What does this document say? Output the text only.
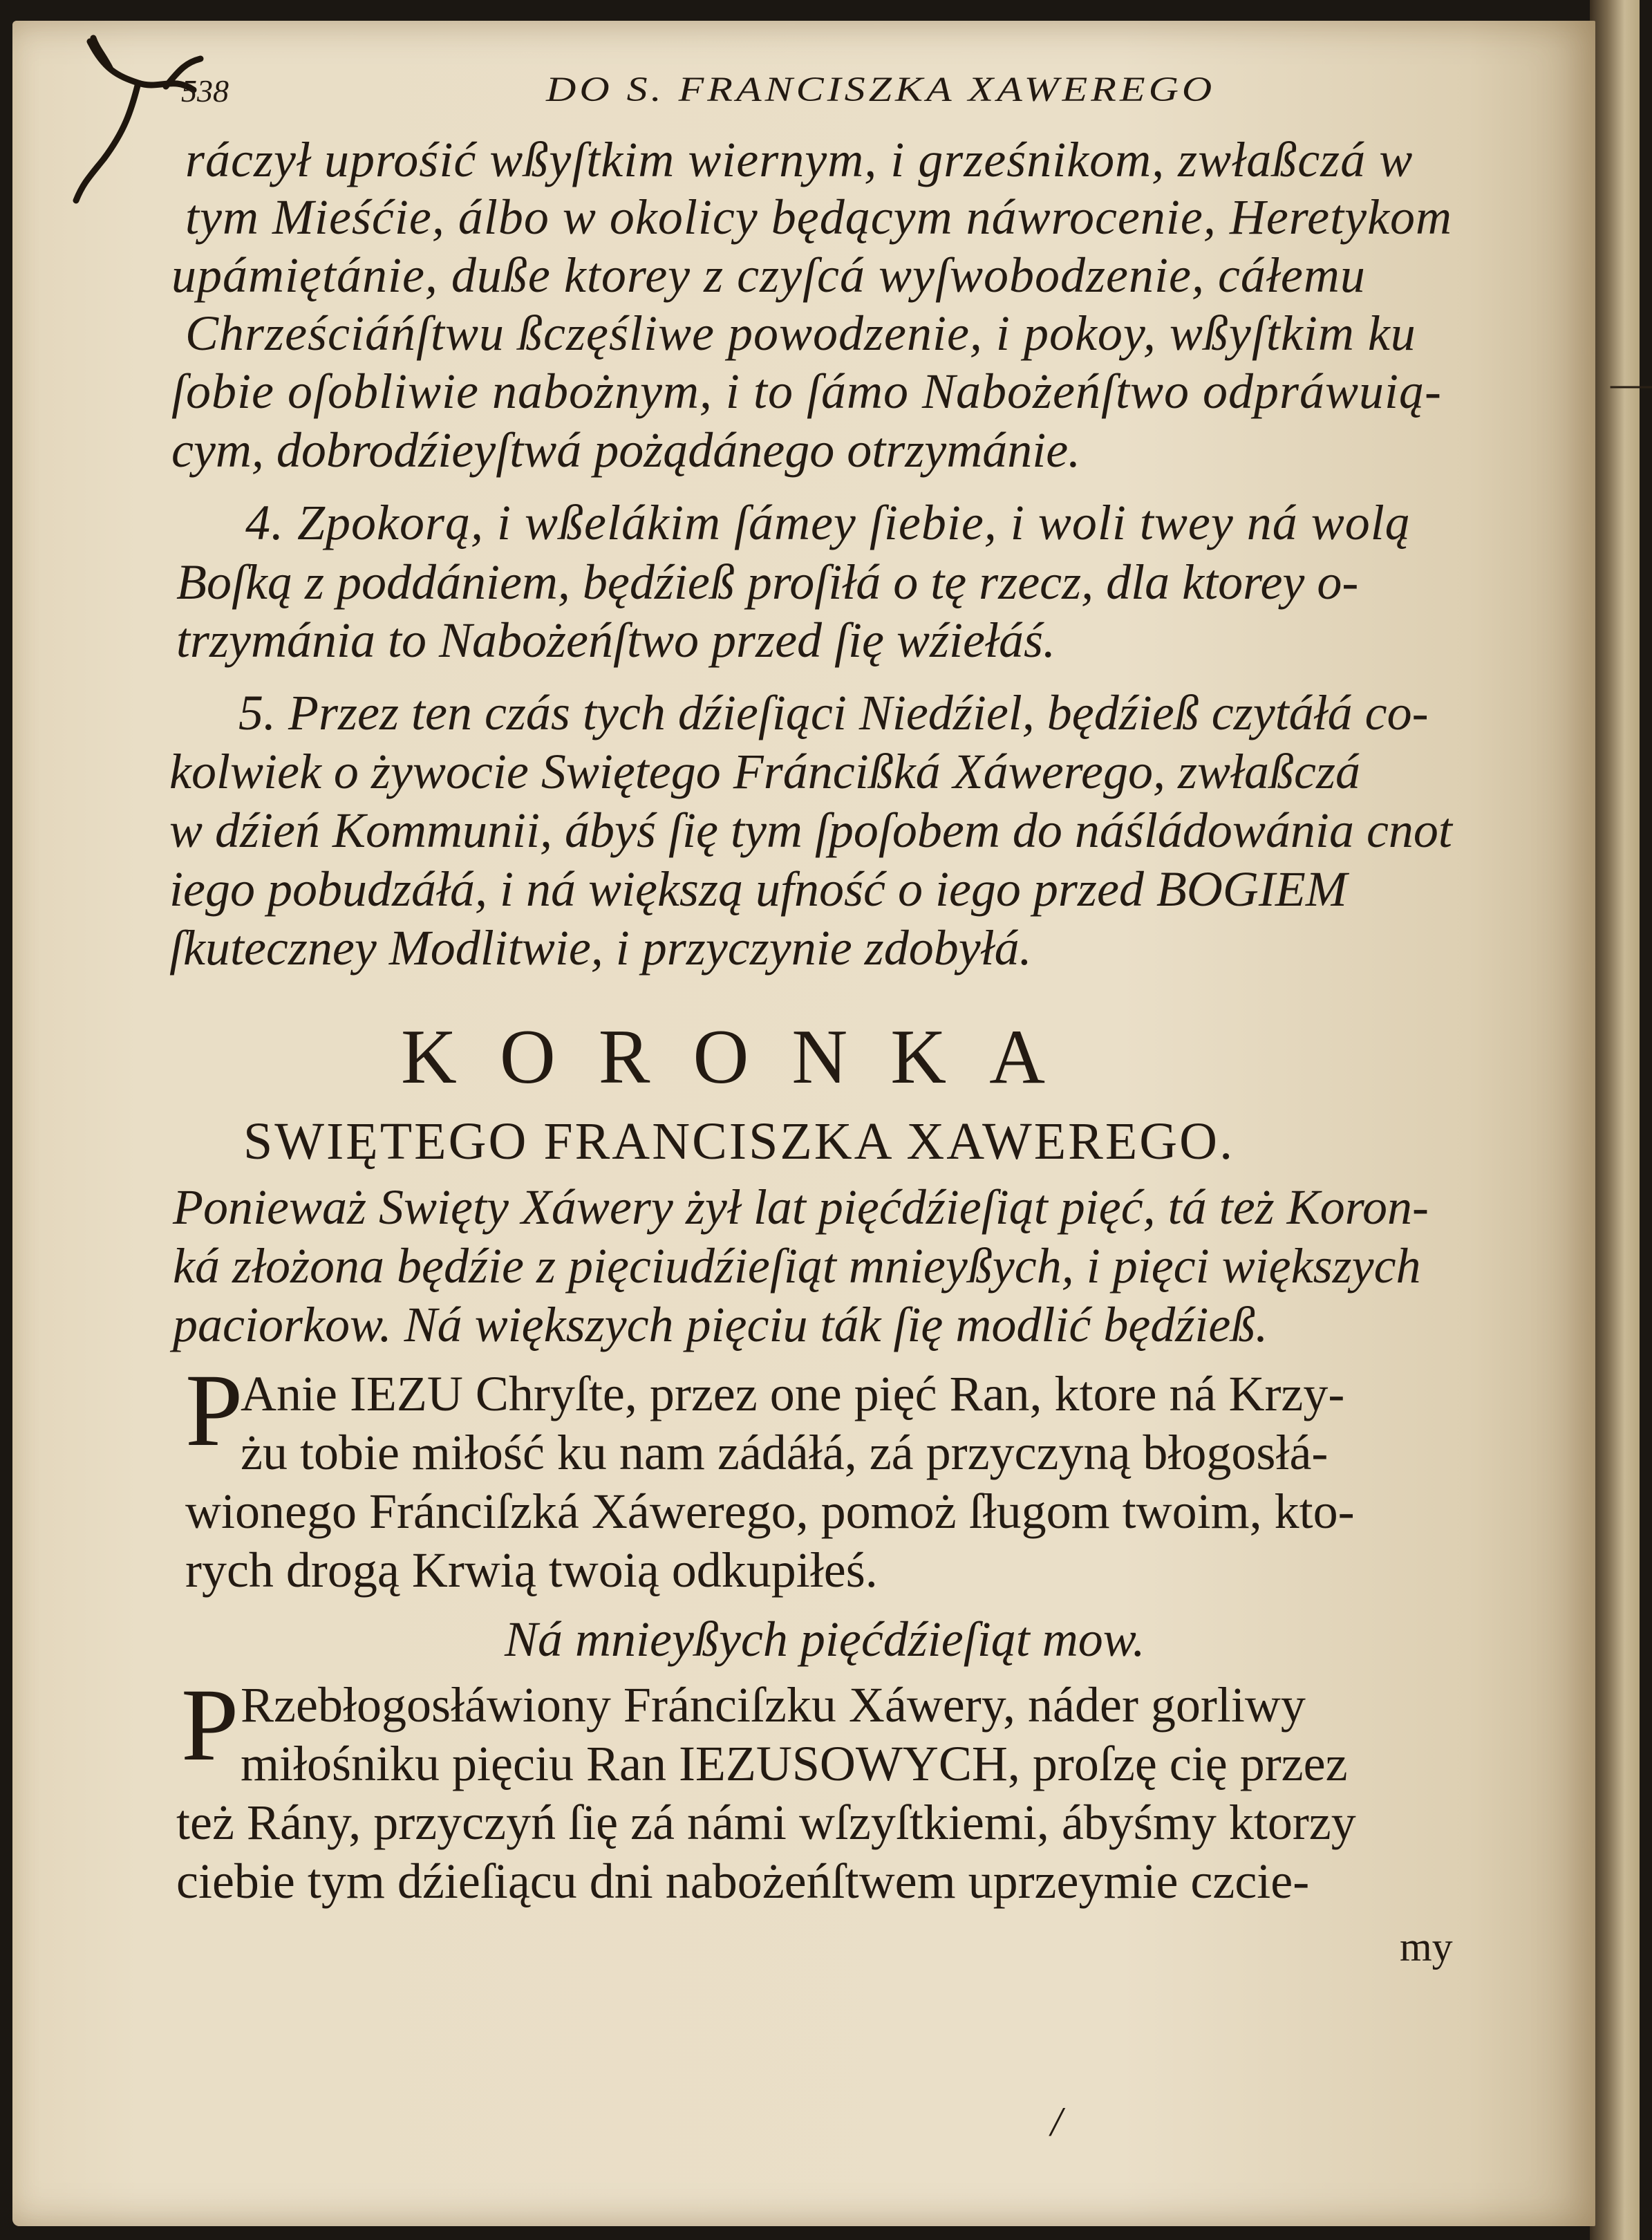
—
538	DO S. FRANCISZKA XAWEREGO
ráczył uprośić wßyſtkim wiernym, i grześnikom, zwłaßczá w
tym Mieśćie, álbo w okolicy będącym náwrocenie, Heretykom
upámiętánie, duße ktorey z czyſcá wyſwobodzenie, cáłemu
Chrześciáńſtwu ßczęśliwe powodzenie, i pokoy, wßyſtkim ku
ſobie oſobliwie nabożnym, i to ſámo Nabożeńſtwo odpráwuią-
cym, dobrodźieyſtwá pożądánego otrzymánie.
4. Zpokorą, i wßelákim ſámey ſiebie, i woli twey ná wolą
Boſką z poddániem, będźieß proſiłá o tę rzecz, dla ktorey o-
trzymánia to Nabożeńſtwo przed ſię wźiełáś.
5. Przez ten czás tych dźieſiąci Niedźiel, będźieß czytáłá co-
kolwiek o żywocie Swiętego Fráncißká Xáwerego, zwłaßczá
w dźień Kommunii, ábyś ſię tym ſpoſobem do náśládowánia cnot
iego pobudzáłá, i ná większą ufność o iego przed BOGIEM
ſkuteczney Modlitwie, i przyczynie zdobyłá.
KORONKA
SWIĘTEGO FRANCISZKA XAWEREGO.
Ponieważ Swięty Xáwery żył lat pięćdźieſiąt pięć, tá też Koron-
ká złożona będźie z pięciudźieſiąt mnieyßych, i pięci większych
paciorkow. Ná większych pięciu ták ſię modlić będźieß.
P
Anie IEZU Chryſte, przez one pięć Ran, ktore ná Krzy-
żu tobie miłość ku nam zádáłá, zá przyczyną błogosłá-
wionego Fránciſzká Xáwerego, pomoż ſługom twoim, kto-
rych drogą Krwią twoią odkupiłeś.
Ná mnieyßych pięćdźieſiąt mow.
P Rzebłogosłáwiony Fránciſzku Xáwery, náder gorliwy
miłośniku pięciu Ran IEZUSOWYCH, proſzę cię przez
też Rány, przyczyń ſię zá námi wſzyſtkiemi, ábyśmy ktorzy
ciebie tym dźieſiącu dni nabożeńſtwem uprzeymie czcie-
my
/
